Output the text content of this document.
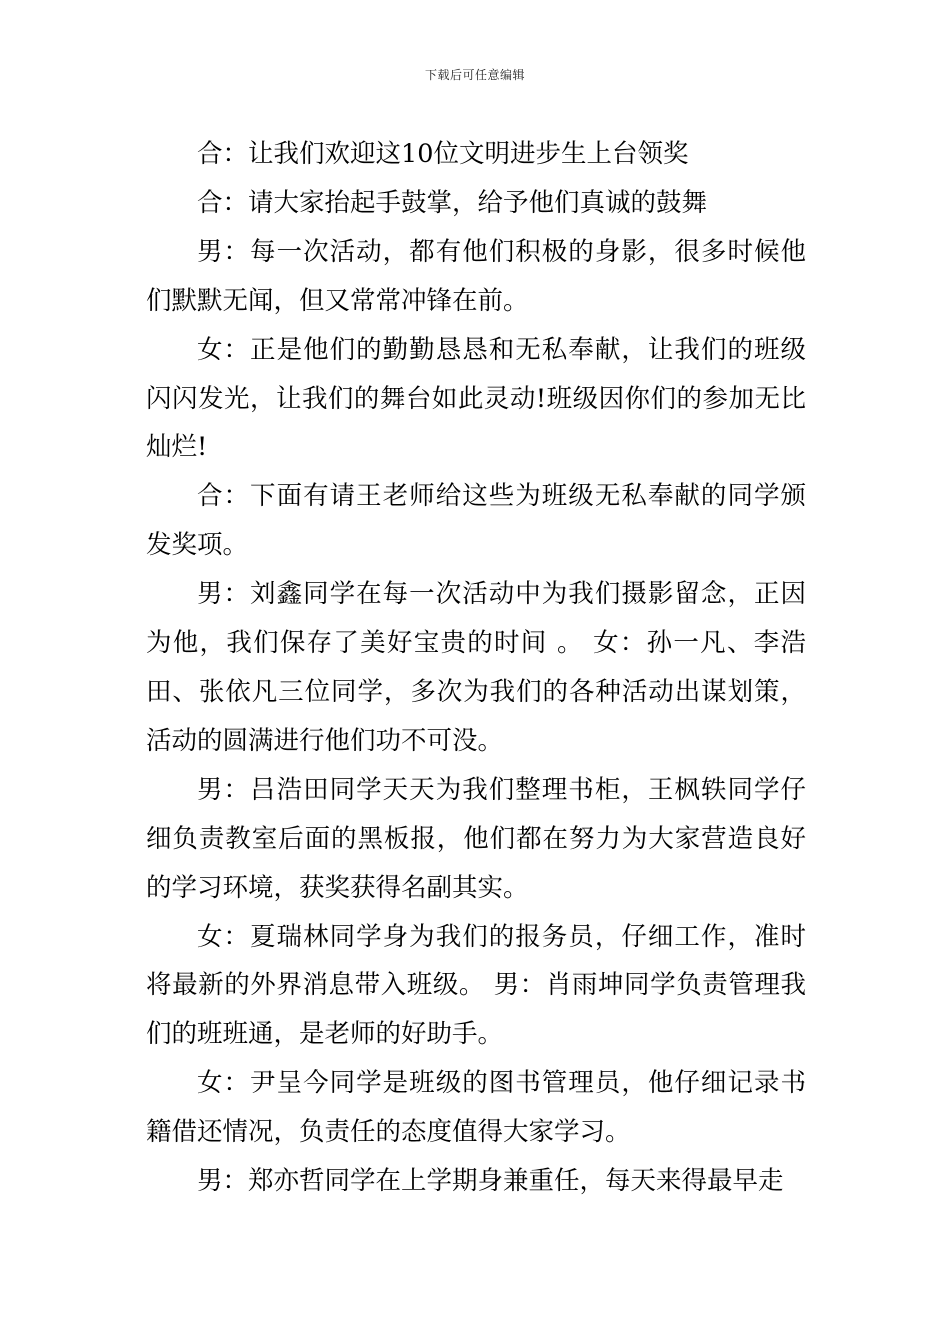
下载后可任意编辑

合：让我们欢迎这10位文明进步生上台领奖

合：请大家抬起手鼓掌，给予他们真诚的鼓舞

男：每一次活动，都有他们积极的身影，很多时候他们默默无闻，但又常常冲锋在前。

女：正是他们的勤勤恳恳和无私奉献，让我们的班级闪闪发光，让我们的舞台如此灵动!班级因你们的参加无比灿烂!

合：下面有请王老师给这些为班级无私奉献的同学颁发奖项。

男：刘鑫同学在每一次活动中为我们摄影留念，正因为他，我们保存了美好宝贵的时间 。 女：孙一凡、李浩田、张依凡三位同学，多次为我们的各种活动出谋划策，活动的圆满进行他们功不可没。

男：吕浩田同学天天为我们整理书柜，王枫轶同学仔细负责教室后面的黑板报，他们都在努力为大家营造良好的学习环境，获奖获得名副其实。

女：夏瑞林同学身为我们的报务员，仔细工作，准时将最新的外界消息带入班级。 男：肖雨坤同学负责管理我们的班班通，是老师的好助手。

女：尹呈今同学是班级的图书管理员，他仔细记录书籍借还情况，负责任的态度值得大家学习。

男：郑亦哲同学在上学期身兼重任，每天来得最早走
